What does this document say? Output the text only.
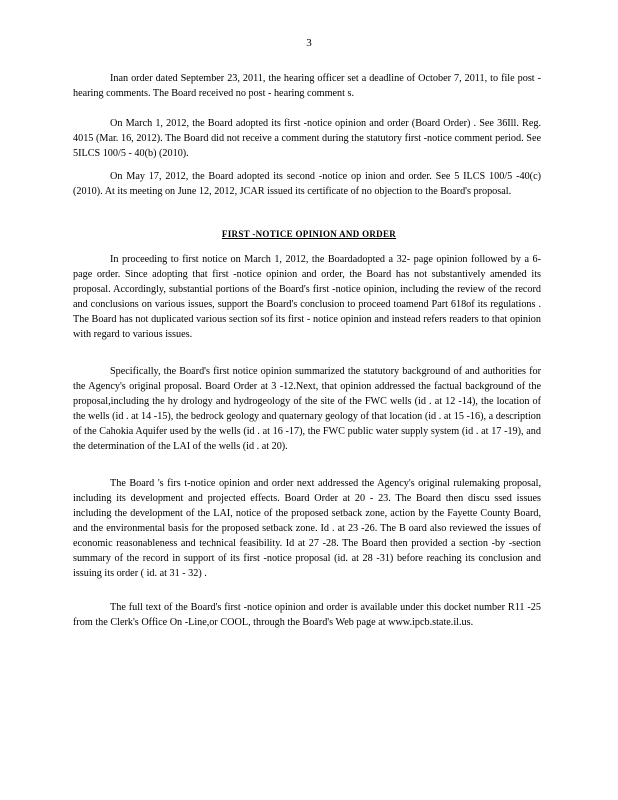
3

Inan order dated September 23, 2011, the hearing officer set a deadline of October 7, 2011, to file post -hearing comments. The Board received no post - hearing comment s.

On March 1, 2012, the Board adopted its first -notice opinion and order (Board Order) . See 36Ill. Reg. 4015 (Mar. 16, 2012). The Board did not receive a comment during the statutory first -notice comment period. See 5ILCS 100/5 - 40(b) (2010).

On May 17, 2012, the Board adopted its second -notice op inion and order. See 5 ILCS 100/5 -40(c) (2010). At its meeting on June 12, 2012, JCAR issued its certificate of no objection to the Board's proposal.

FIRST -NOTICE OPINION AND ORDER

In proceeding to first notice on March 1, 2012, the Boardadopted a 32- page opinion followed by a 6-page order. Since adopting that first -notice opinion and order, the Board has not substantively amended its proposal. Accordingly, substantial portions of the Board's first -notice opinion, including the review of the record and conclusions on various issues, support the Board's conclusion to proceed toamend Part 618of its regulations . The Board has not duplicated various section sof its first - notice opinion and instead refers readers to that opinion with regard to various issues.

Specifically, the Board's first notice opinion summarized the statutory background of and authorities for the Agency's original proposal. Board Order at 3 -12.Next, that opinion addressed the factual background of the proposal,including the hy drology and hydrogeology of the site of the FWC wells (id . at 12 -14), the location of the wells (id . at 14 -15), the bedrock geology and quaternary geology of that location (id . at 15 -16), a description of the Cahokia Aquifer used by the wells (id . at 16 -17), the FWC public water supply system (id . at 17 -19), and the determination of the LAI of the wells (id . at 20).

The Board 's firs t-notice opinion and order next addressed the Agency's original rulemaking proposal, including its development and projected effects. Board Order at 20 - 23. The Board then discu ssed issues including the development of the LAI, notice of the proposed setback zone, action by the Fayette County Board, and the environmental basis for the proposed setback zone. Id . at 23 -26. The B oard also reviewed the issues of economic reasonableness and technical feasibility. Id at 27 -28. The Board then provided a section -by -section summary of the record in support of its first -notice proposal (id. at 28 -31) before reaching its conclusion and issuing its order ( id. at 31 - 32) .

The full text of the Board's first -notice opinion and order is available under this docket number R11 -25 from the Clerk's Office On -Line,or COOL, through the Board's Web page at www.ipcb.state.il.us.
